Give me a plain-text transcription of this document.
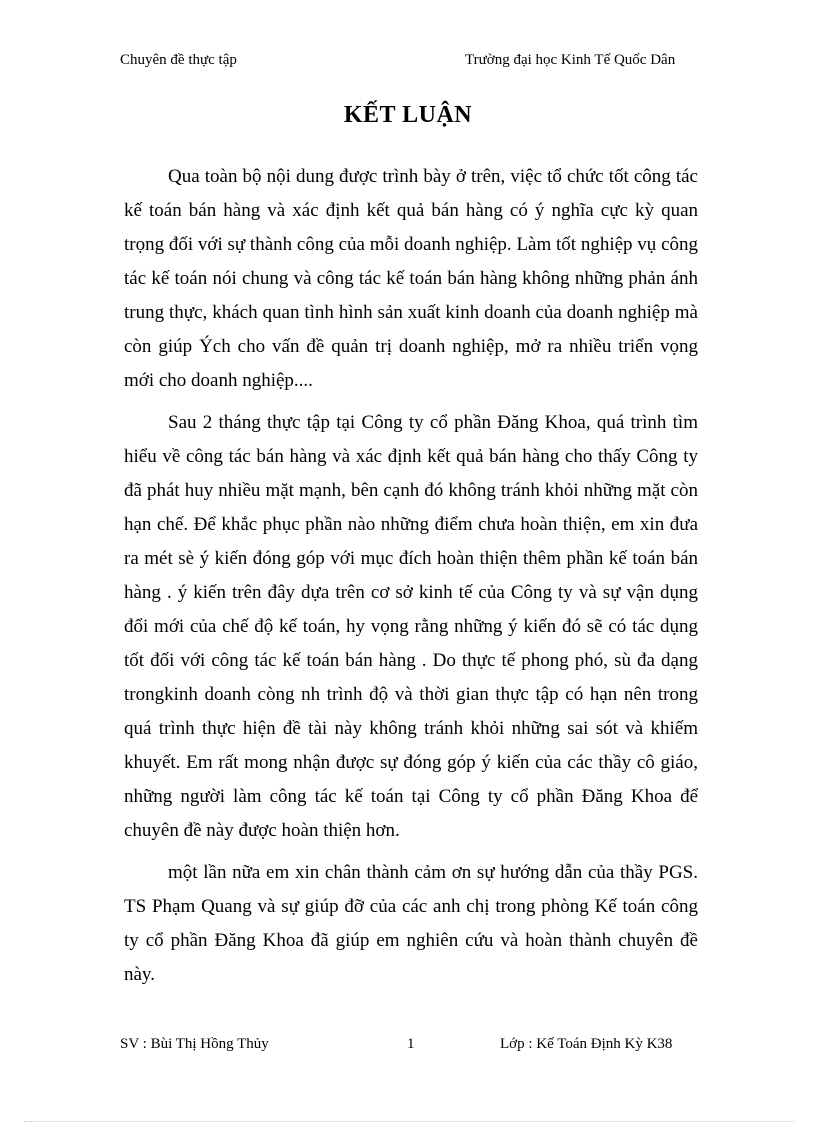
Chuyên đề thực tập	Trường đại học Kinh Tế Quốc Dân
KẾT LUẬN

Qua toàn bộ nội dung được trình bày ở trên, việc tổ chức tốt công tác kế toán bán hàng và xác định kết quả bán hàng có ý nghĩa cực kỳ quan trọng đối với sự thành công của mỗi doanh nghiệp. Làm tốt nghiệp vụ công tác kế toán nói chung và công tác kế toán bán hàng không những phản ánh trung thực, khách quan tình hình sản xuất kinh doanh của doanh nghiệp mà còn giúp Ých cho vấn đề quản trị doanh nghiệp, mở ra nhiều triển vọng mới cho doanh nghiệp....

Sau 2 tháng thực tập tại Công ty cổ phần Đăng Khoa, quá trình tìm hiểu về công tác bán hàng và xác định kết quả bán hàng cho thấy Công ty đã phát huy nhiều mặt mạnh, bên cạnh đó không tránh khỏi những mặt còn hạn chế. Để khắc phục phần nào những điểm chưa hoàn thiện, em xin đưa ra mét sè ý kiến đóng góp với mục đích hoàn thiện thêm phần kế toán bán hàng . ý kiến trên đây dựa trên cơ sở kinh tế của Công ty và sự vận dụng đổi mới của chế độ kế toán, hy vọng rằng những ý kiến đó sẽ có tác dụng tốt đối với công tác kế toán bán hàng . Do thực tế phong phó, sù đa dạng trongkinh doanh còng nh trình độ và thời gian thực tập có hạn nên trong quá trình thực hiện đề tài này không tránh khỏi những sai sót và khiếm khuyết. Em rất mong nhận được sự đóng góp ý kiến của các thầy cô giáo, những người làm công tác kế toán tại Công ty cổ phần Đăng Khoa để chuyên đề này được hoàn thiện hơn.

một lần nữa em xin chân thành cảm ơn sự hướng dẫn của thầy PGS. TS Phạm Quang và sự giúp đỡ của các anh chị trong phòng Kế toán công ty cổ phần Đăng Khoa đã giúp em nghiên cứu và hoàn thành chuyên đề này.

SV : Bùi Thị Hồng Thủy	1	Lớp : Kế Toán Định Kỳ K38
